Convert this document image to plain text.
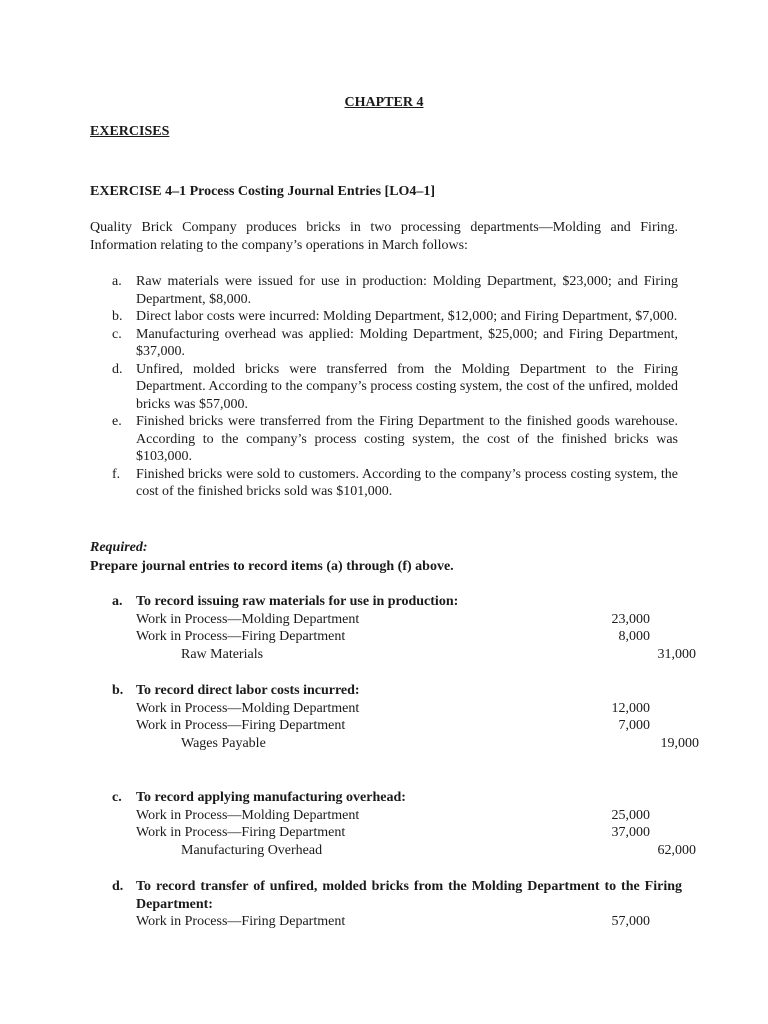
CHAPTER 4
EXERCISES
EXERCISE 4–1 Process Costing Journal Entries [LO4–1]
Quality Brick Company produces bricks in two processing departments—Molding and Firing. Information relating to the company’s operations in March follows:
a. Raw materials were issued for use in production: Molding Department, $23,000; and Firing Department, $8,000.
b. Direct labor costs were incurred: Molding Department, $12,000; and Firing Department, $7,000.
c. Manufacturing overhead was applied: Molding Department, $25,000; and Firing Department, $37,000.
d. Unfired, molded bricks were transferred from the Molding Department to the Firing Department. According to the company’s process costing system, the cost of the unfired, molded bricks was $57,000.
e. Finished bricks were transferred from the Firing Department to the finished goods warehouse. According to the company’s process costing system, the cost of the finished bricks was $103,000.
f. Finished bricks were sold to customers. According to the company’s process costing system, the cost of the finished bricks sold was $101,000.
Required:
Prepare journal entries to record items (a) through (f) above.
a. To record issuing raw materials for use in production:
Work in Process—Molding Department	23,000
Work in Process—Firing Department	8,000
Raw Materials	31,000
b. To record direct labor costs incurred:
Work in Process—Molding Department	12,000
Work in Process—Firing Department	7,000
Wages Payable	19,000
c. To record applying manufacturing overhead:
Work in Process—Molding Department	25,000
Work in Process—Firing Department	37,000
Manufacturing Overhead	62,000
d. To record transfer of unfired, molded bricks from the Molding Department to the Firing Department:
Work in Process—Firing Department	57,000
